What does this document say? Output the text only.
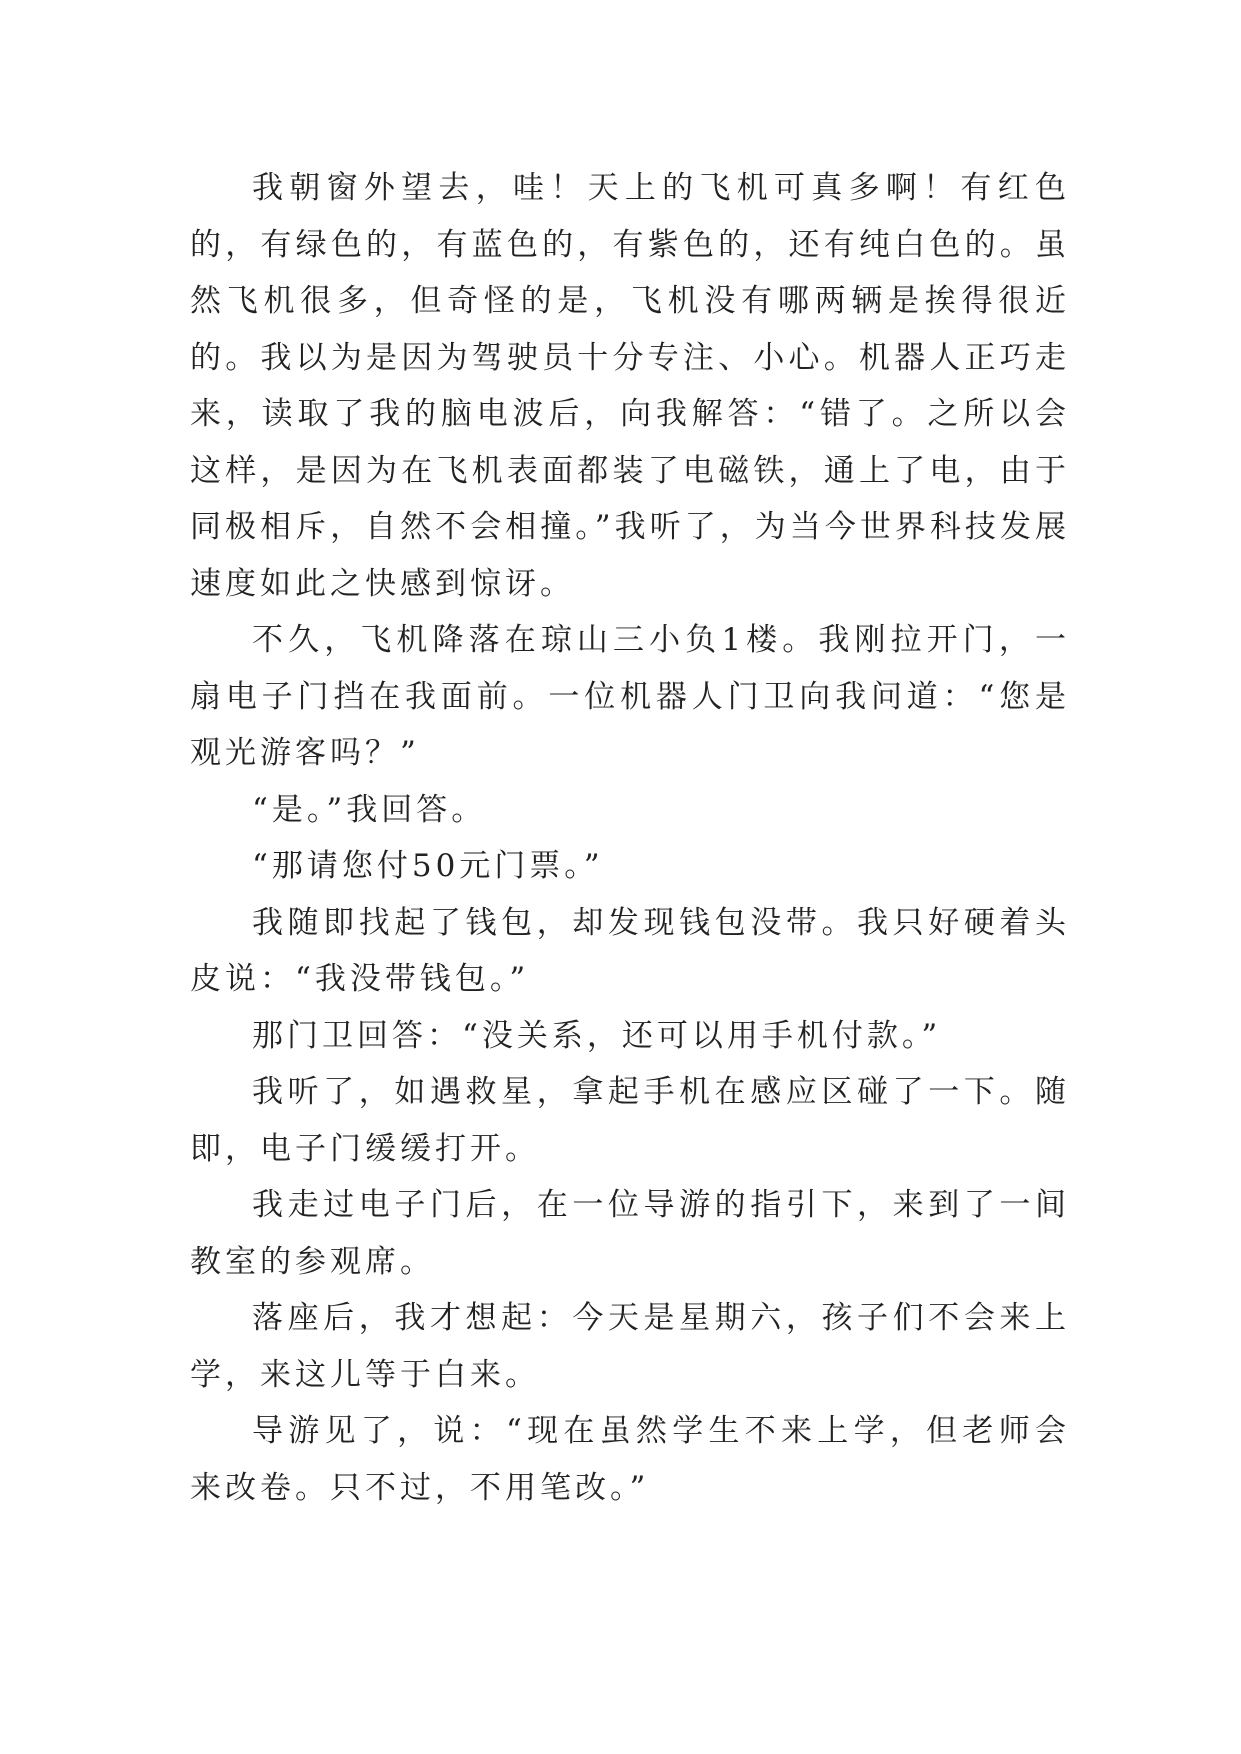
我朝窗外望去，哇！天上的飞机可真多啊！有红色的，有绿色的，有蓝色的，有紫色的，还有纯白色的。虽然飞机很多，但奇怪的是，飞机没有哪两辆是挨得很近的。我以为是因为驾驶员十分专注、小心。机器人正巧走来，读取了我的脑电波后，向我解答：“错了。之所以会这样，是因为在飞机表面都装了电磁铁，通上了电，由于同极相斥，自然不会相撞。”我听了，为当今世界科技发展速度如此之快感到惊讶。

不久，飞机降落在琼山三小负1楼。我刚拉开门，一扇电子门挡在我面前。一位机器人门卫向我问道：“您是观光游客吗？”

“是。”我回答。

“那请您付50元门票。”

我随即找起了钱包，却发现钱包没带。我只好硬着头皮说：“我没带钱包。”

那门卫回答：“没关系，还可以用手机付款。”

我听了，如遇救星，拿起手机在感应区碰了一下。随即，电子门缓缓打开。

我走过电子门后，在一位导游的指引下，来到了一间教室的参观席。

落座后，我才想起：今天是星期六，孩子们不会来上学，来这儿等于白来。

导游见了，说：“现在虽然学生不来上学，但老师会来改卷。只不过，不用笔改。”
